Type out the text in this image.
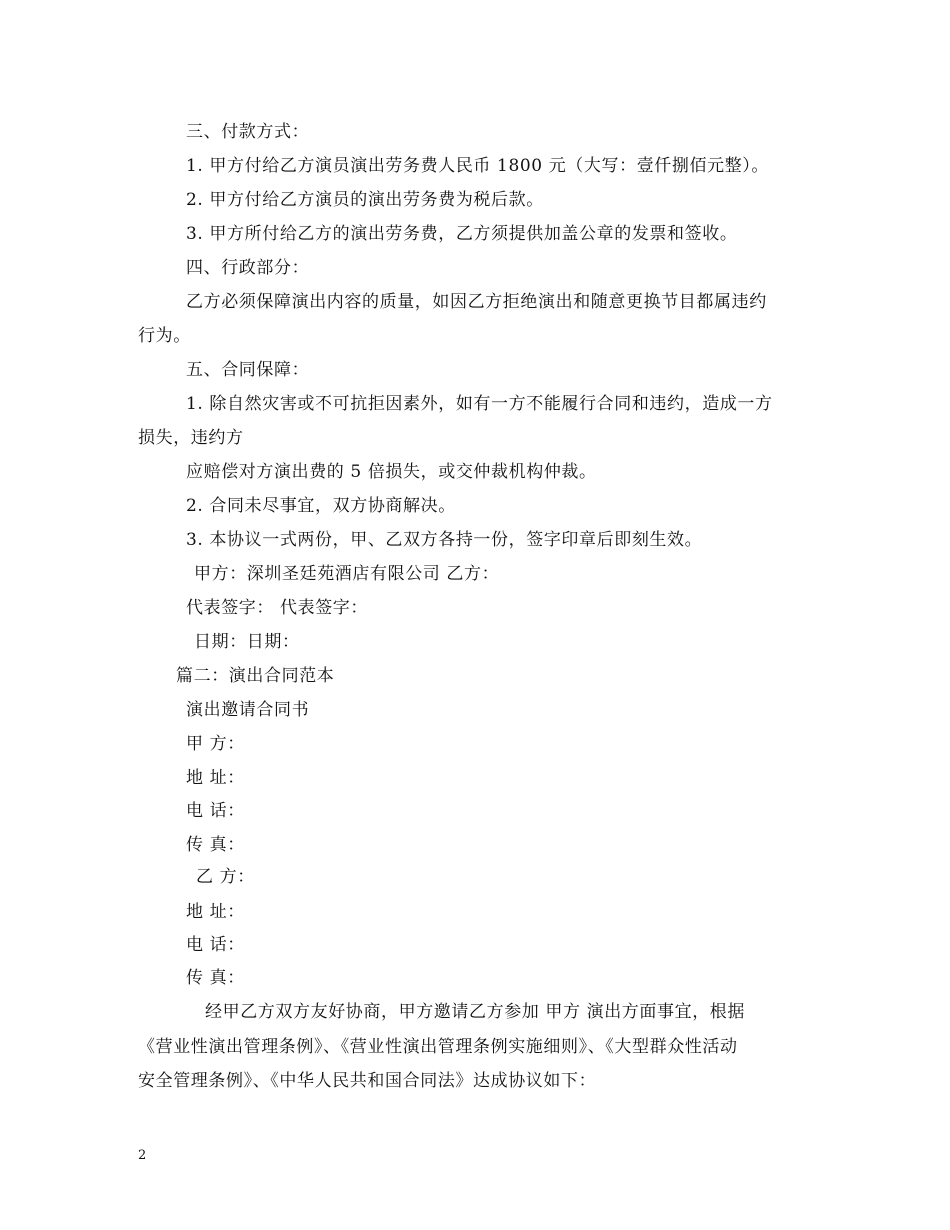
三、付款方式：
1. 甲方付给乙方演员演出劳务费人民币 1800 元（大写：壹仟捌佰元整）。
2. 甲方付给乙方演员的演出劳务费为税后款。
3. 甲方所付给乙方的演出劳务费，乙方须提供加盖公章的发票和签收。
四、行政部分：
乙方必须保障演出内容的质量，如因乙方拒绝演出和随意更换节目都属违约
行为。
五、合同保障：
1. 除自然灾害或不可抗拒因素外，如有一方不能履行合同和违约，造成一方
损失，违约方
应赔偿对方演出费的 5 倍损失，或交仲裁机构仲裁。
2. 合同未尽事宜，双方协商解决。
3. 本协议一式两份，甲、乙双方各持一份，签字印章后即刻生效。
甲方：深圳圣廷苑酒店有限公司 乙方：
代表签字： 代表签字：
日期：日期：
篇二：演出合同范本
演出邀请合同书
甲 方：
地 址：
电 话：
传 真：
乙 方：
地 址：
电 话：
传 真：
经甲乙方双方友好协商，甲方邀请乙方参加 甲方 演出方面事宜，根据
《营业性演出管理条例》、《营业性演出管理条例实施细则》、《大型群众性活动
安全管理条例》、《中华人民共和国合同法》达成协议如下：
2
